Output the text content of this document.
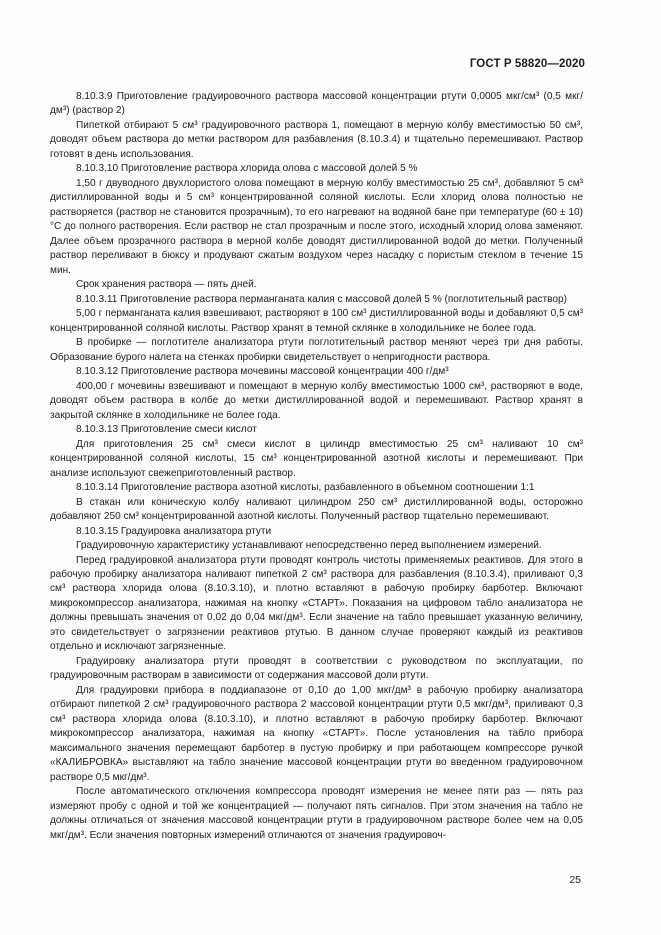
ГОСТ Р 58820—2020

8.10.3.9 Приготовление градуировочного раствора массовой концентрации ртути 0,0005 мкг/см³ (0,5 мкг/дм³) (раствор 2)

Пипеткой отбирают 5 см³ градуировочного раствора 1, помещают в мерную колбу вместимостью 50 см³, доводят объем раствора до метки раствором для разбавления (8.10.3.4) и тщательно перемешивают. Раствор готовят в день использования.

8.10.3.10 Приготовление раствора хлорида олова с массовой долей 5 %

1,50 г двуводного двухлористого олова помещают в мерную колбу вместимостью 25 см³, добавляют 5 см³ дистиллированной воды и 5 см³ концентрированной соляной кислоты. Если хлорид олова полностью не растворяется (раствор не становится прозрачным), то его нагревают на водяной бане при температуре (60 ± 10) °С до полного растворения. Если раствор не стал прозрачным и после этого, исходный хлорид олова заменяют. Далее объем прозрачного раствора в мерной колбе доводят дистиллированной водой до метки. Полученный раствор переливают в бюксу и продувают сжатым воздухом через насадку с пористым стеклом в течение 15 мин.

Срок хранения раствора — пять дней.

8.10.3.11 Приготовление раствора перманганата калия с массовой долей 5 % (поглотительный раствор)

5,00 г перманганата калия взвешивают, растворяют в 100 см³ дистиллированной воды и добавляют 0,5 см³ концентрированной соляной кислоты. Раствор хранят в темной склянке в холодильнике не более года.

В пробирке — поглотителе анализатора ртути поглотительный раствор меняют через три дня работы. Образование бурого налета на стенках пробирки свидетельствует о непригодности раствора.

8.10.3.12 Приготовление раствора мочевины массовой концентрации 400 г/дм³

400,00 г мочевины взвешивают и помещают в мерную колбу вместимостью 1000 см³, растворяют в воде, доводят объем раствора в колбе до метки дистиллированной водой и перемешивают. Раствор хранят в закрытой склянке в холодильнике не более года.

8.10.3.13 Приготовление смеси кислот

Для приготовления 25 см³ смеси кислот в цилиндр вместимостью 25 см³ наливают 10 см³ концентрированной соляной кислоты, 15 см³ концентрированной азотной кислоты и перемешивают. При анализе используют свежеприготовленный раствор.

8.10.3.14 Приготовление раствора азотной кислоты, разбавленного в объемном соотношении 1:1

В стакан или коническую колбу наливают цилиндром 250 см³ дистиллированной воды, осторожно добавляют 250 см³ концентрированной азотной кислоты. Полученный раствор тщательно перемешивают.

8.10.3.15 Градуировка анализатора ртути

Градуировочную характеристику устанавливают непосредственно перед выполнением измерений.

Перед градуировкой анализатора ртути проводят контроль чистоты применяемых реактивов. Для этого в рабочую пробирку анализатора наливают пипеткой 2 см³ раствора для разбавления (8.10.3.4), приливают 0,3 см³ раствора хлорида олова (8.10.3.10), и плотно вставляют в рабочую пробирку барботер. Включают микрокомпрессор анализатора, нажимая на кнопку «СТАРТ». Показания на цифровом табло анализатора не должны превышать значения от 0,02 до 0,04 мкг/дм³. Если значение на табло превышает указанную величину, это свидетельствует о загрязнении реактивов ртутью. В данном случае проверяют каждый из реактивов отдельно и исключают загрязненные.

Градуировку анализатора ртути проводят в соответствии с руководством по эксплуатации, по градуировочным растворам в зависимости от содержания массовой доли ртути.

Для градуировки прибора в поддиапазоне от 0,10 до 1,00 мкг/дм³ в рабочую пробирку анализатора отбирают пипеткой 2 см³ градуировочного раствора 2 массовой концентрации ртути 0,5 мкг/дм³, приливают 0,3 см³ раствора хлорида олова (8.10.3.10), и плотно вставляют в рабочую пробирку барботер. Включают микрокомпрессор анализатора, нажимая на кнопку «СТАРТ». После установления на табло прибора максимального значения перемещают барботер в пустую пробирку и при работающем компрессоре ручкой «КАЛИБРОВКА» выставляют на табло значение массовой концентрации ртути во введенном градуировочном растворе 0,5 мкг/дм³.

После автоматического отключения компрессора проводят измерения не менее пяти раз — пять раз измеряют пробу с одной и той же концентрацией — получают пять сигналов. При этом значения на табло не должны отличаться от значения массовой концентрации ртути в градуировочном растворе более чем на 0,05 мкг/дм³. Если значения повторных измерений отличаются от значения градуировоч-

25
